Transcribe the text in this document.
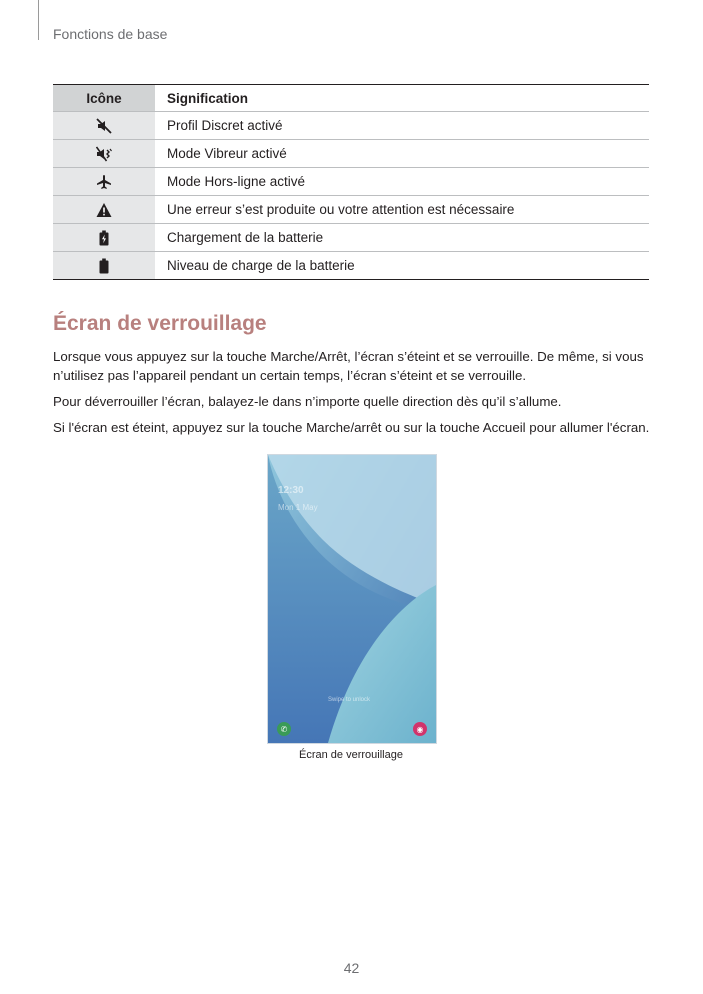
Fonctions de base
Icône	Signification
Profil Discret activé
Mode Vibreur activé
Mode Hors-ligne activé
Une erreur s’est produite ou votre attention est nécessaire
Chargement de la batterie
Niveau de charge de la batterie
Écran de verrouillage
Lorsque vous appuyez sur la touche Marche/Arrêt, l’écran s’éteint et se verrouille. De même, si vous n’utilisez pas l’appareil pendant un certain temps, l’écran s’éteint et se verrouille.
Pour déverrouiller l’écran, balayez-le dans n’importe quelle direction dès qu’il s’allume.
Si l'écran est éteint, appuyez sur la touche Marche/arrêt ou sur la touche Accueil pour allumer l'écran.
12:30
Mon 1 May
Swipe to unlock
✆	◉
Écran de verrouillage
42
